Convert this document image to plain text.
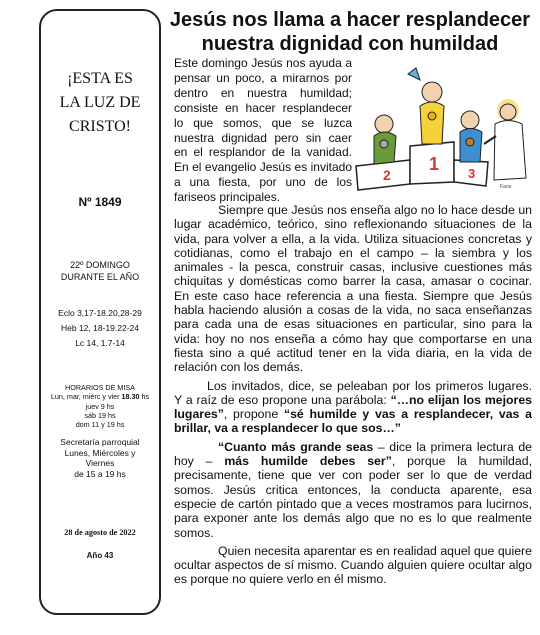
¡ESTA ES
LA LUZ DE
CRISTO!
Nº 1849
22º DOMINGO
DURANTE EL AÑO
Eclo 3,17-18.20,28-29
Heb 12, 18-19.22-24
Lc 14, 1.7-14
HORARIOS DE MISA
Lun, mar, miérc y vier 18.30 hs
juev 9 hs
sáb 19 hs
dom 11 y 19 hs
Secretaría parroquial
Lunes, Miércoles y
Viernes
de 15 a 19 hs
28 de agosto de 2022
Año 43
Jesús nos llama a hacer resplandecer
nuestra dignidad con humildad

Este domingo Jesús nos ayuda a pensar un poco, a mirarnos por dentro en nuestra humildad; consiste en hacer resplandecer lo que somos, que se luzca nuestra dignidad pero sin caer en el resplandor de la vanidad. En el evangelio Jesús es invitado a una fiesta, por uno de los fariseos principales.

2
1 3
Fano

Siempre que Jesús nos enseña algo no lo hace desde un lugar académico, teórico, sino reflexionando situaciones de la vida, para volver a ella, a la vida. Utiliza situaciones concretas y cotidianas, como el trabajo en el campo – la siembra y los animales - la pesca, construir casas, inclusive cuestiones más chiquitas y domésticas como barrer la casa, amasar o cocinar. En este caso hace referencia a una fiesta. Siempre que Jesús habla haciendo alusión a cosas de la vida, no saca enseñanzas para cada una de esas situaciones en particular, sino para la vida: hoy no nos enseña a cómo hay que comportarse en una fiesta sino a qué actitud tener en la vida diaria, en la vida de relación con los demás.

Los invitados, dice, se peleaban por los primeros lugares. Y a raíz de eso propone una parábola: “…no elijan los mejores lugares”, propone “sé humilde y vas a resplandecer, vas a brillar, va a resplandecer lo que sos…”

“Cuanto más grande seas – dice la primera lectura de hoy – más humilde debes ser”, porque la humildad, precisamente, tiene que ver con poder ser lo que de verdad somos. Jesús critica entonces, la conducta aparente, esa especie de cartón pintado que a veces mostramos para lucirnos, para exponer ante los demás algo que no es lo que realmente somos.

Quien necesita aparentar es en realidad aquel que quiere ocultar aspectos de sí mismo. Cuando alguien quiere ocultar algo es porque no quiere verlo en él mismo.
